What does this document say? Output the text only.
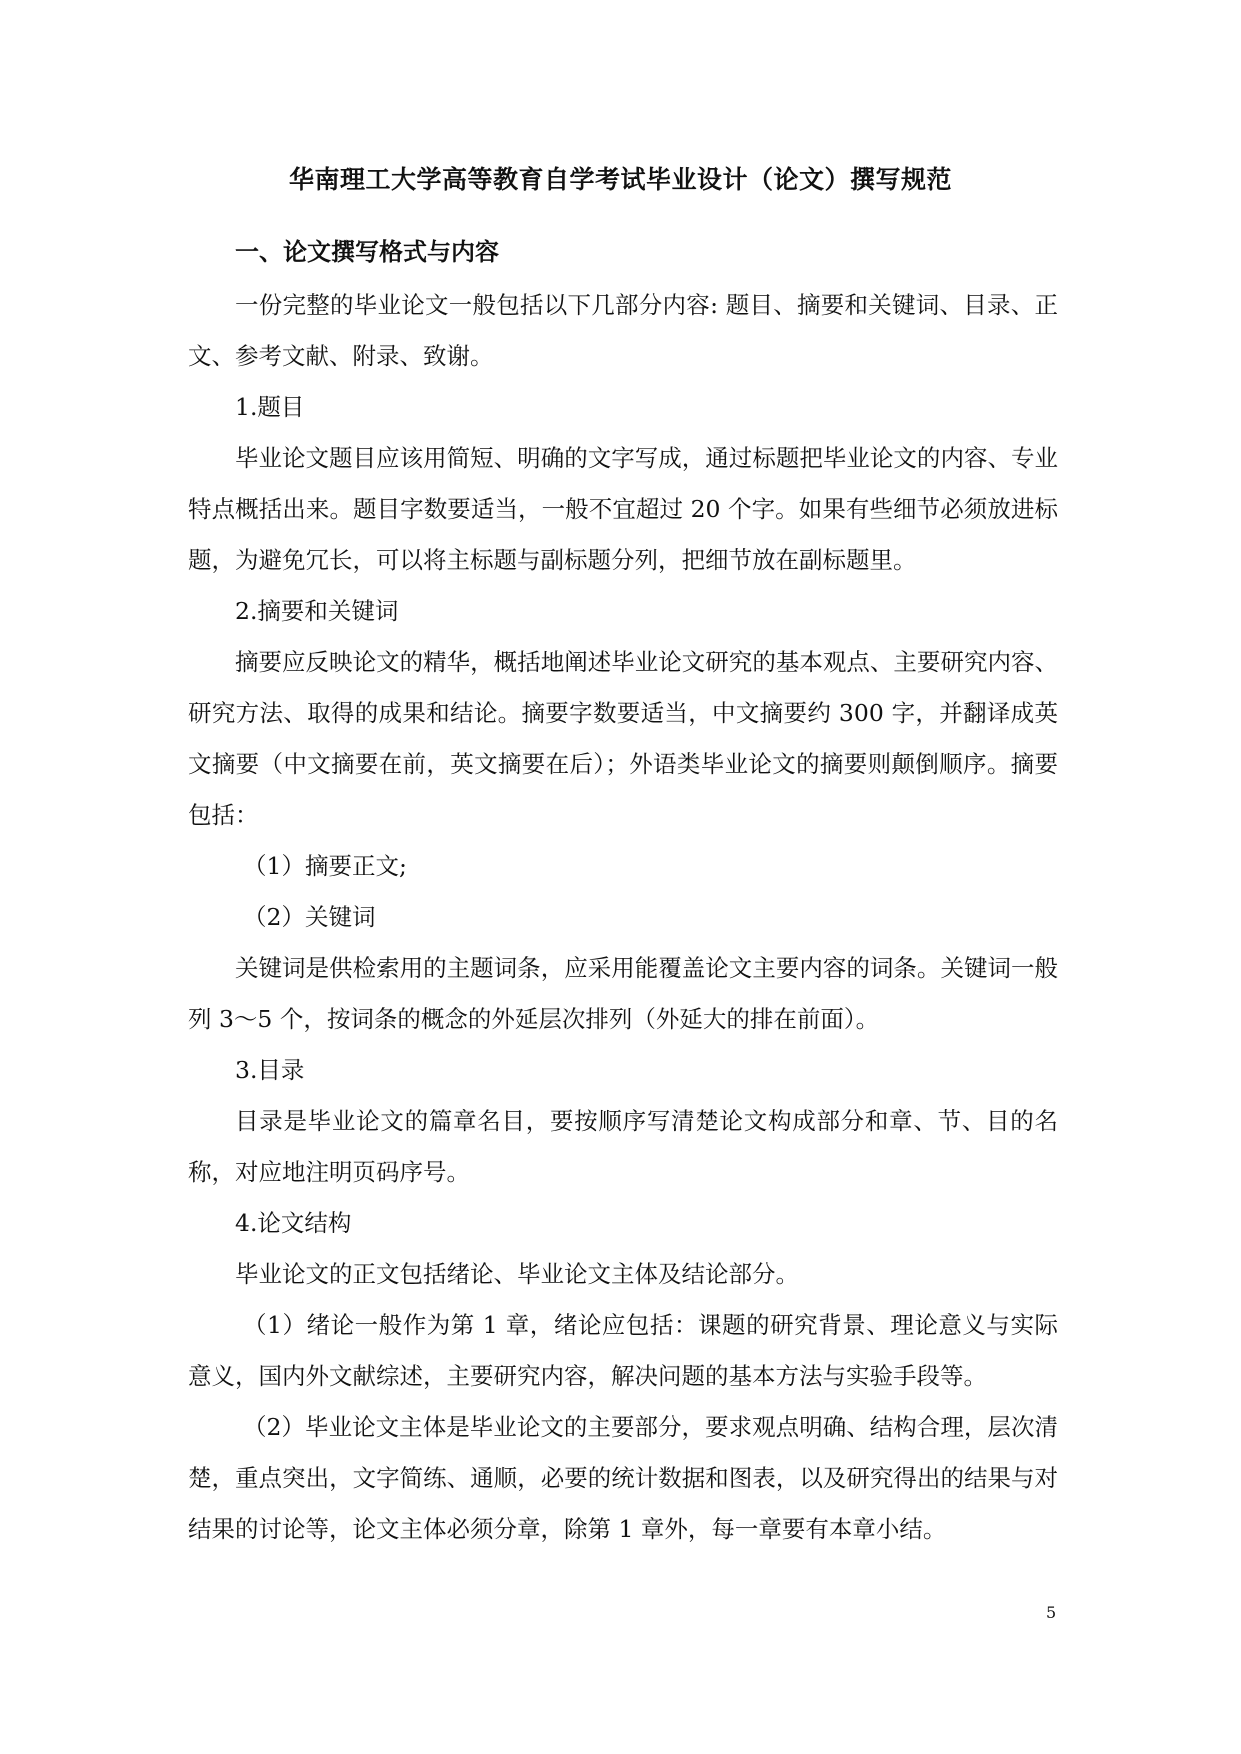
华南理工大学高等教育自学考试毕业设计（论文）撰写规范
一、论文撰写格式与内容

一份完整的毕业论文一般包括以下几部分内容: 题目、摘要和关键词、目录、正文、参考文献、附录、致谢。

1.题目

毕业论文题目应该用简短、明确的文字写成，通过标题把毕业论文的内容、专业特点概括出来。题目字数要适当，一般不宜超过 20 个字。如果有些细节必须放进标题，为避免冗长，可以将主标题与副标题分列，把细节放在副标题里。

2.摘要和关键词

摘要应反映论文的精华，概括地阐述毕业论文研究的基本观点、主要研究内容、研究方法、取得的成果和结论。摘要字数要适当，中文摘要约 300 字，并翻译成英文摘要（中文摘要在前，英文摘要在后）；外语类毕业论文的摘要则颠倒顺序。摘要包括：

（1）摘要正文;

（2）关键词

关键词是供检索用的主题词条，应采用能覆盖论文主要内容的词条。关键词一般列 3～5 个，按词条的概念的外延层次排列（外延大的排在前面）。

3.目录

目录是毕业论文的篇章名目，要按顺序写清楚论文构成部分和章、节、目的名称，对应地注明页码序号。

4.论文结构

毕业论文的正文包括绪论、毕业论文主体及结论部分。

（1）绪论一般作为第 1 章，绪论应包括：课题的研究背景、理论意义与实际意义，国内外文献综述，主要研究内容，解决问题的基本方法与实验手段等。

（2）毕业论文主体是毕业论文的主要部分，要求观点明确、结构合理，层次清楚，重点突出，文字简练、通顺，必要的统计数据和图表，以及研究得出的结果与对结果的讨论等，论文主体必须分章，除第 1 章外，每一章要有本章小结。

5
